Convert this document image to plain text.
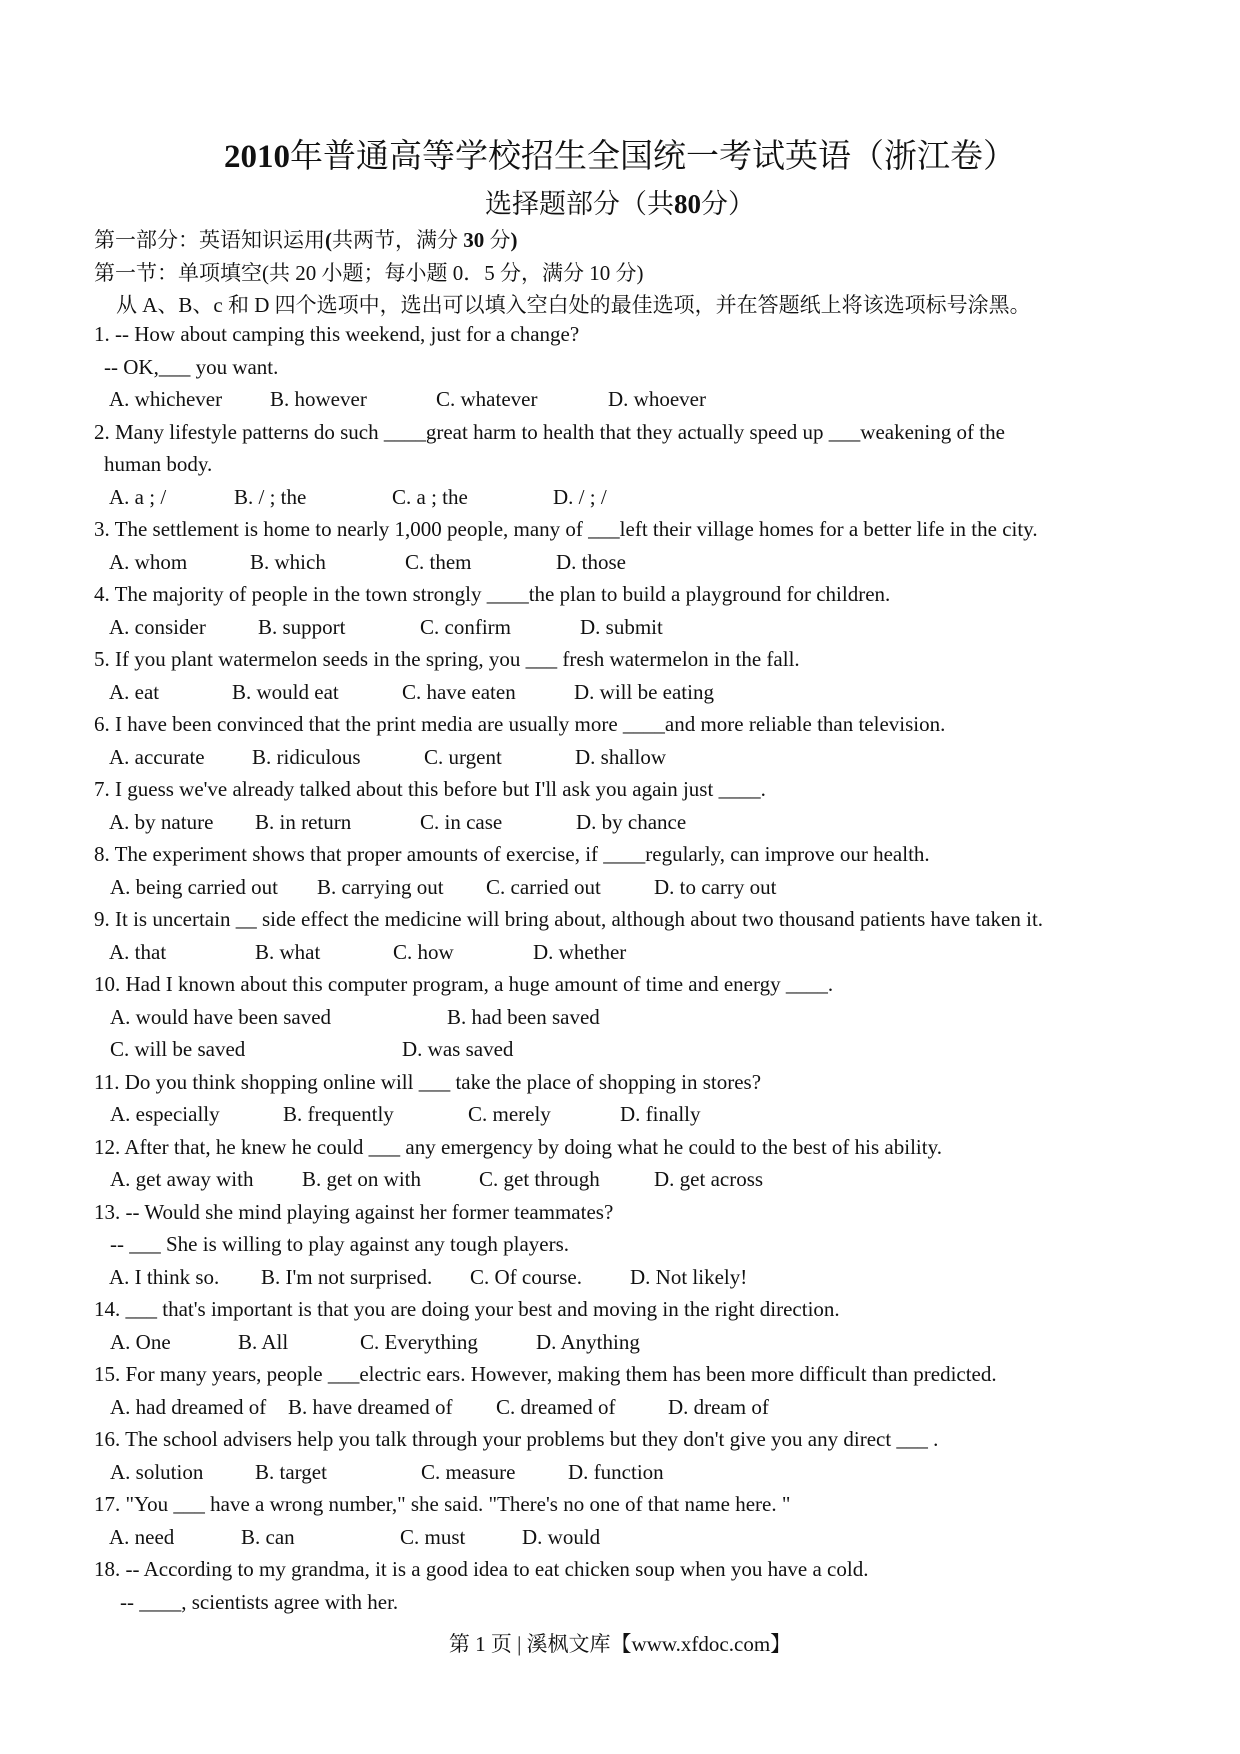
2010年普通高等学校招生全国统一考试英语（浙江卷）
选择题部分（共80分）
第一部分：英语知识运用(共两节，满分 30 分)
第一节：单项填空(共 20 小题；每小题 0．5 分，满分 10 分)
从 A、B、c 和 D 四个选项中，选出可以填入空白处的最佳选项，并在答题纸上将该选项标号涂黑。
1. -- How about camping this weekend, just for a change?
-- OK,___ you want.
A. whichever B. however	C. whatever	D. whoever
2. Many lifestyle patterns do such ____great harm to health that they actually speed up ___weakening of the
human body.
A. a ; /	B. / ; the	C. a ; the	D. / ; /
3. The settlement is home to nearly 1,000 people, many of ___left their village homes for a better life in the city.
A. whom	B. which	C. them	D. those
4. The majority of people in the town strongly ____the plan to build a playground for children.
A. consider B. support	C. confirm	D. submit
5. If you plant watermelon seeds in the spring, you ___ fresh watermelon in the fall.
A. eat	B. would eat	C. have eaten	D. will be eating
6. I have been convinced that the print media are usually more ____and more reliable than television.
A. accurate B. ridiculous	C. urgent	D. shallow
7. I guess we've already talked about this before but I'll ask you again just ____.
A. by nature B. in return	C. in case	D. by chance
8. The experiment shows that proper amounts of exercise, if ____regularly, can improve our health.
A. being carried out B. carrying out C. carried out	D. to carry out
9. It is uncertain __ side effect the medicine will bring about, although about two thousand patients have taken it.
A. that	B. what	C. how	D. whether
10. Had I known about this computer program, a huge amount of time and energy ____.
A. would have been saved	B. had been saved
C. will be saved	D. was saved
11. Do you think shopping online will ___ take the place of shopping in stores?
A. especially	B. frequently	C. merely	D. finally
12. After that, he knew he could ___ any emergency by doing what he could to the best of his ability.
A. get away with B. get on with	C. get through	D. get across
13. -- Would she mind playing against her former teammates?
-- ___ She is willing to play against any tough players.
A. I think so. B. I'm not surprised. C. Of course. D. Not likely!
14. ___ that's important is that you are doing your best and moving in the right direction.
A. One	B. All	C. Everything	D. Anything
15. For many years, people ___electric ears. However, making them has been more difficult than predicted.
A. had dreamed of B. have dreamed of C. dreamed of D. dream of
16. The school advisers help you talk through your problems but they don't give you any direct ___ .
A. solution B. target	C. measure	D. function
17. "You ___ have a wrong number," she said. "There's no one of that name here. "
A. need	B. can	C. must	D. would
18. -- According to my grandma, it is a good idea to eat chicken soup when you have a cold.
-- ____, scientists agree with her.
第 1 页 | 溪枫文库【www.xfdoc.com】
